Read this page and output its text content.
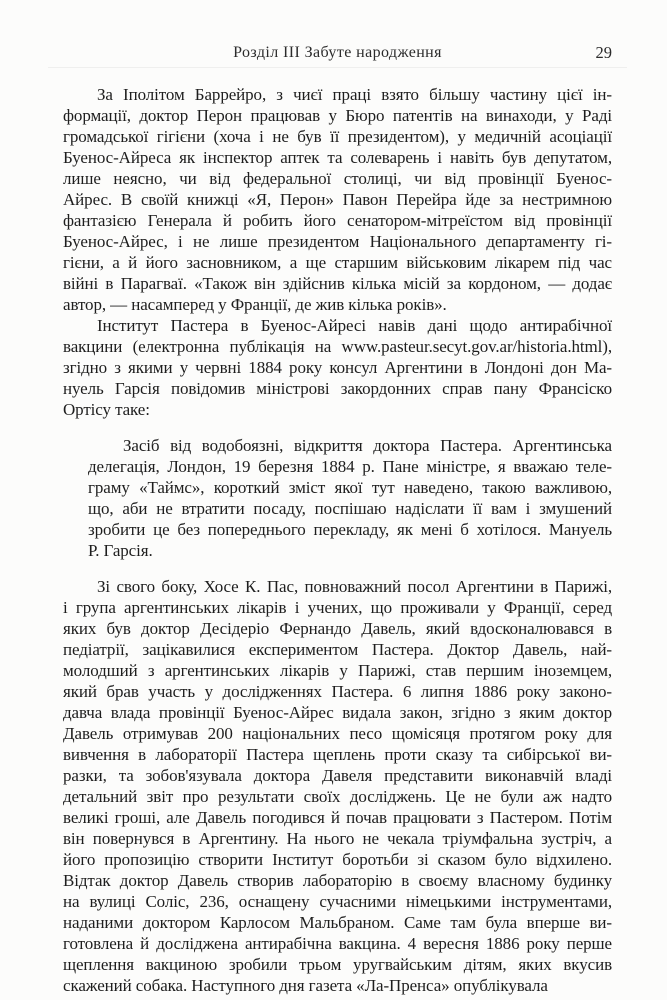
Розділ III Забуте народження	29
За Іполітом Баррейро, з чиєї праці взято більшу частину цієї ін-
формації, доктор Перон працював у Бюро патентів на винаходи, у Раді
громадської гігієни (хоча і не був її президентом), у медичній асоціації
Буенос-Айреса як інспектор аптек та солеварень і навіть був депутатом,
лише неясно, чи від федеральної столиці, чи від провінції Буенос-
Айрес. В своїй книжці «Я, Перон» Павон Перейра йде за нестримною
фантазією Генерала й робить його сенатором-мітреїстом від провінції
Буенос-Айрес, і не лише президентом Національного департаменту гі-
гієни, а й його засновником, а ще старшим військовим лікарем під час
війні в Парагваї. «Також він здійснив кілька місій за кордоном, — додає
автор, — насамперед у Франції, де жив кілька років».
Інститут Пастера в Буенос-Айресі навів дані щодо антирабічної
вакцини (електронна публікація на www.pasteur.secyt.gov.ar/historia.html),
згідно з якими у червні 1884 року консул Аргентини в Лондоні дон Ма-
нуель Гарсія повідомив міністрові закордонних справ пану Франсіско
Ортісу таке:
Засіб від водобоязні, відкриття доктора Пастера. Аргентинська
делегація, Лондон, 19 березня 1884 р. Пане міністре, я вважаю теле-
граму «Таймс», короткий зміст якої тут наведено, такою важливою,
що, аби не втратити посаду, поспішаю надіслати її вам і змушений
зробити це без попереднього перекладу, як мені б хотілося. Мануель
Р. Гарсія.
Зі свого боку, Хосе К. Пас, повноважний посол Аргентини в Парижі,
і група аргентинських лікарів і учених, що проживали у Франції, серед
яких був доктор Десідеріо Фернандо Давель, який вдосконалювався в
педіатрії, зацікавилися експериментом Пастера. Доктор Давель, най-
молодший з аргентинських лікарів у Парижі, став першим іноземцем,
який брав участь у дослідженнях Пастера. 6 липня 1886 року законо-
давча влада провінції Буенос-Айрес видала закон, згідно з яким доктор
Давель отримував 200 національних песо щомісяця протягом року для
вивчення в лабораторії Пастера щеплень проти сказу та сибірської ви-
разки, та зобов'язувала доктора Давеля представити виконавчій владі
детальний звіт про результати своїх досліджень. Це не були аж надто
великі гроші, але Давель погодився й почав працювати з Пастером. Потім
він повернувся в Аргентину. На нього не чекала тріумфальна зустріч, а
його пропозицію створити Інститут боротьби зі сказом було відхилено.
Відтак доктор Давель створив лабораторію в своєму власному будинку
на вулиці Соліс, 236, оснащену сучасними німецькими інструментами,
наданими доктором Карлосом Мальбраном. Саме там була вперше ви-
готовлена й досліджена антирабічна вакцина. 4 вересня 1886 року перше
щеплення вакциною зробили трьом уругвайським дітям, яких вкусив
скажений собака. Наступного дня газета «Ла-Пренса» опублікувала
